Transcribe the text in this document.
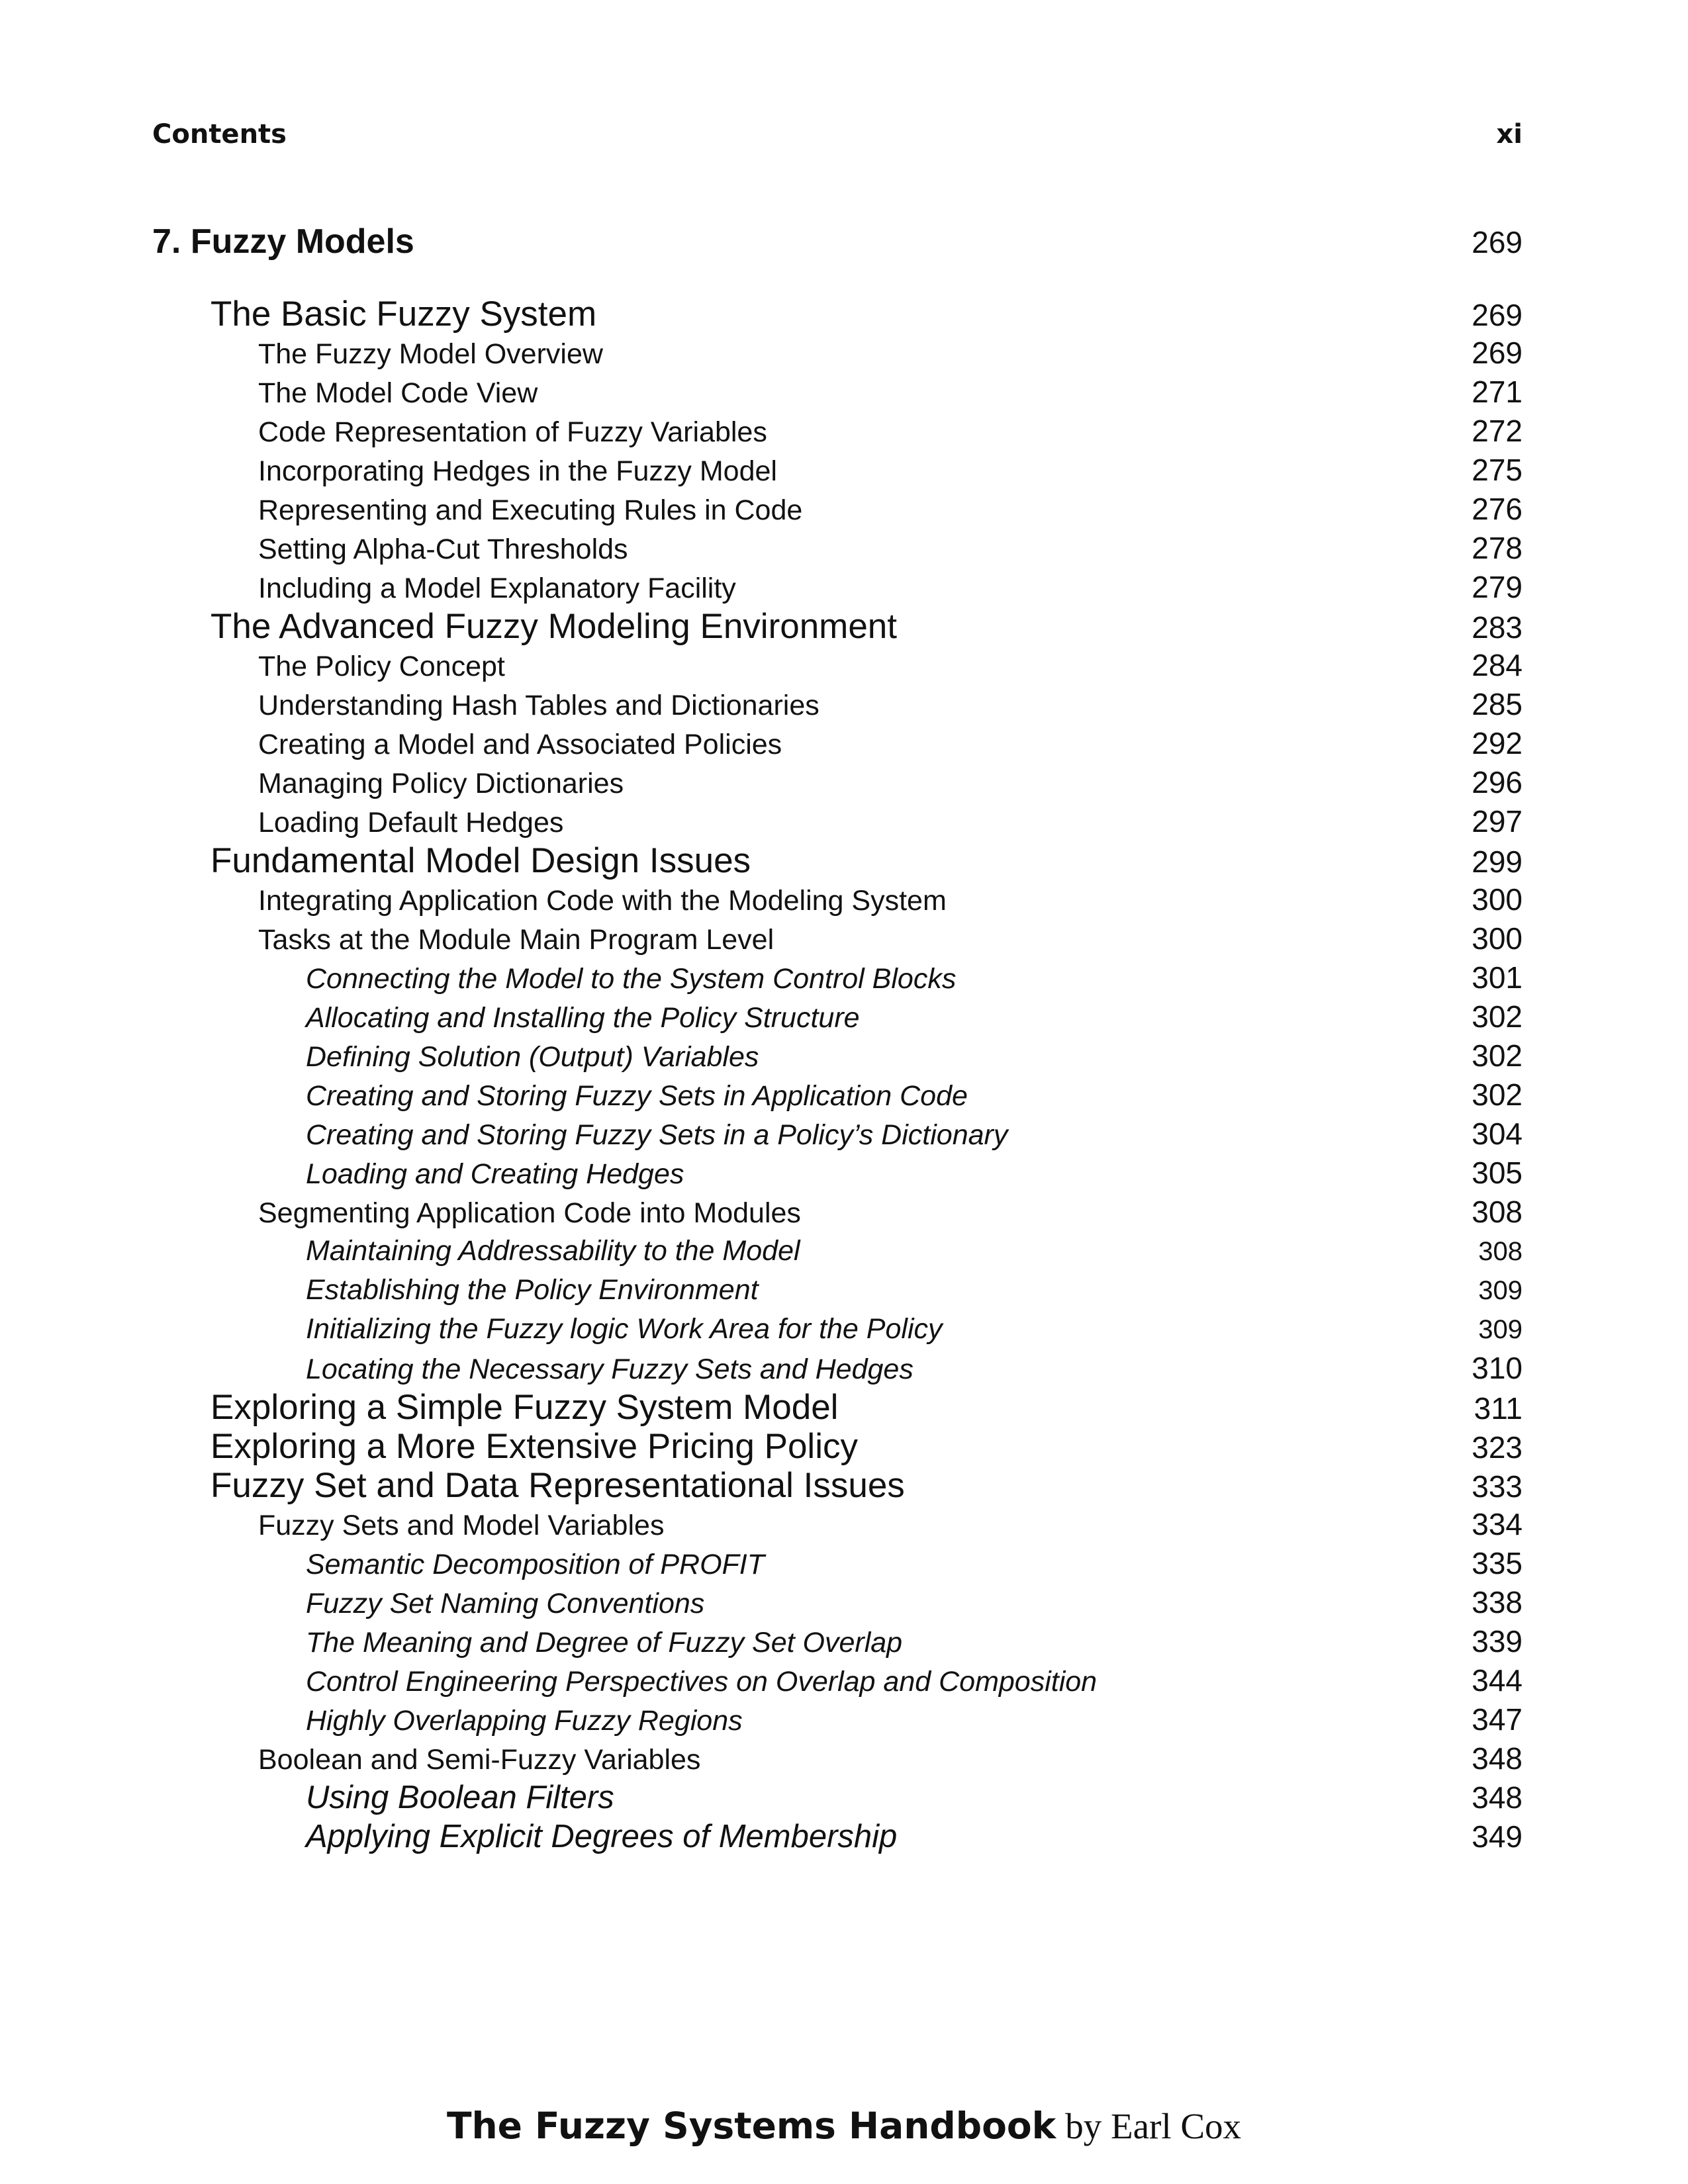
Contents	xi
7. Fuzzy Models	269
The Basic Fuzzy System	269
The Fuzzy Model Overview	269
The Model Code View	271
Code Representation of Fuzzy Variables	272
Incorporating Hedges in the Fuzzy Model	275
Representing and Executing Rules in Code	276
Setting Alpha-Cut Thresholds	278
Including a Model Explanatory Facility	279
The Advanced Fuzzy Modeling Environment	283
The Policy Concept	284
Understanding Hash Tables and Dictionaries	285
Creating a Model and Associated Policies	292
Managing Policy Dictionaries	296
Loading Default Hedges	297
Fundamental Model Design Issues	299
Integrating Application Code with the Modeling System	300
Tasks at the Module Main Program Level	300
Connecting the Model to the System Control Blocks	301
Allocating and Installing the Policy Structure	302
Defining Solution (Output) Variables	302
Creating and Storing Fuzzy Sets in Application Code	302
Creating and Storing Fuzzy Sets in a Policy’s Dictionary	304
Loading and Creating Hedges	305
Segmenting Application Code into Modules	308
Maintaining Addressability to the Model	308
Establishing the Policy Environment	309
Initializing the Fuzzy logic Work Area for the Policy	309
Locating the Necessary Fuzzy Sets and Hedges	310
Exploring a Simple Fuzzy System Model	311
Exploring a More Extensive Pricing Policy	323
Fuzzy Set and Data Representational Issues	333
Fuzzy Sets and Model Variables	334
Semantic Decomposition of PROFIT	335
Fuzzy Set Naming Conventions	338
The Meaning and Degree of Fuzzy Set Overlap	339
Control Engineering Perspectives on Overlap and Composition	344
Highly Overlapping Fuzzy Regions	347
Boolean and Semi-Fuzzy Variables	348
Using Boolean Filters	348
Applying Explicit Degrees of Membership	349
The Fuzzy Systems Handbook by Earl Cox
